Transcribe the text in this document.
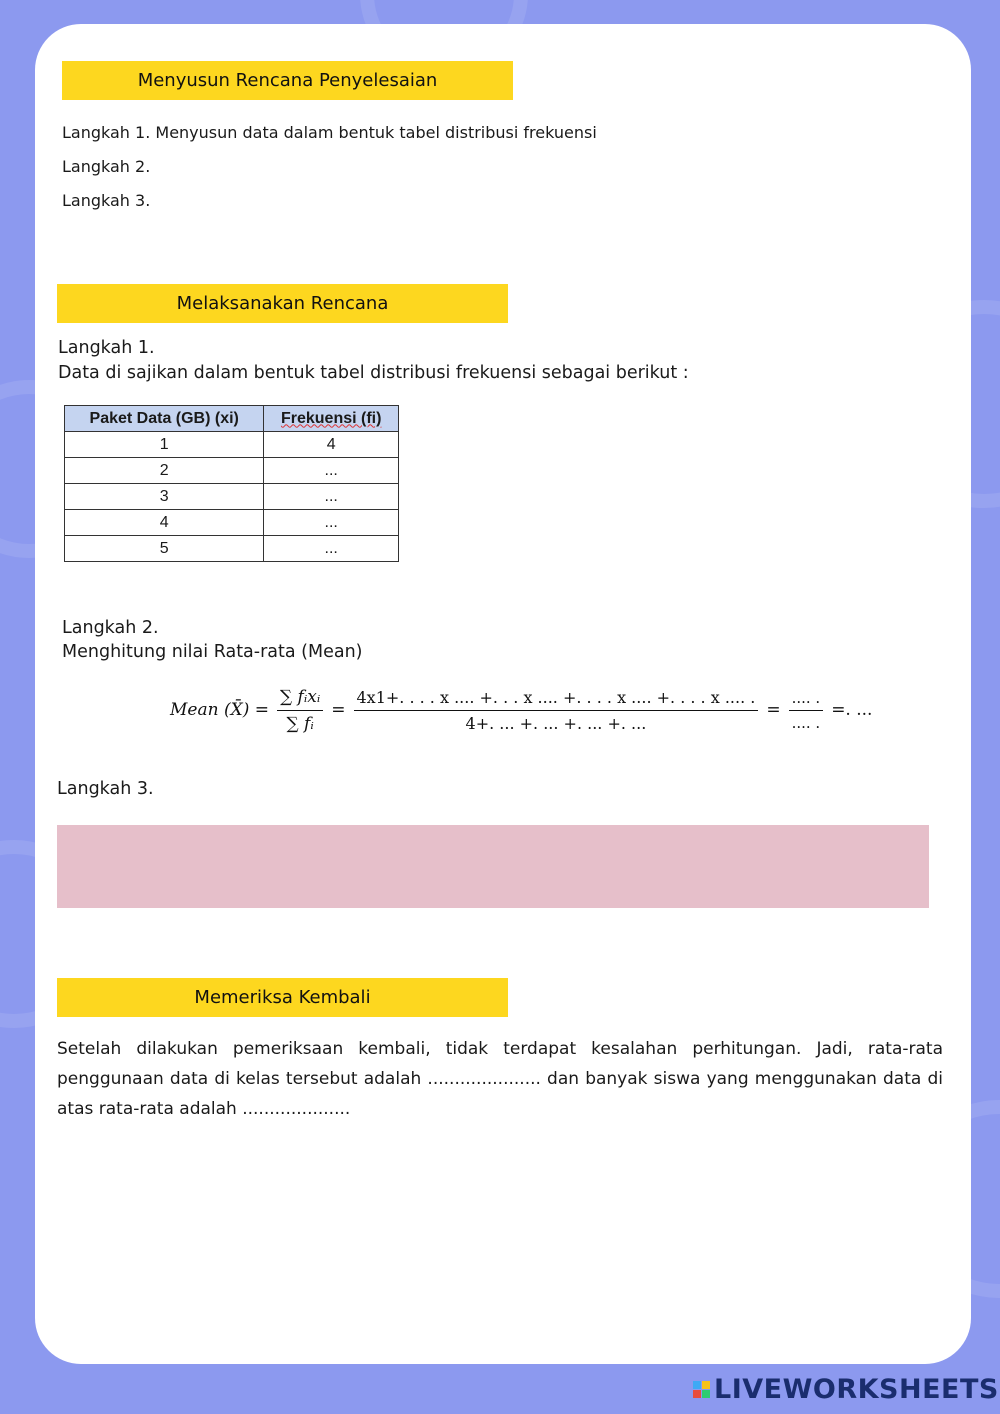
Menyusun Rencana Penyelesaian
Langkah 1. Menyusun data dalam bentuk tabel distribusi frekuensi
Langkah 2.
Langkah 3.
Melaksanakan Rencana
Langkah 1.
Data di sajikan dalam bentuk tabel distribusi frekuensi sebagai berikut :
Paket Data (GB) (xi)	Frekuensi (fi)
1	4
2	...
3	...
4	...
5	...
Langkah 2.
Menghitung nilai Rata-rata (Mean)
Mean (X̄) = $\frac{\text{∑ fᵢxᵢ}}{\text{∑ fᵢ}}$ =
4x1+. . . . x .... +. . . x .... +. . . . x .... +. . . . x .... .
4+. ... +. ... +. ... +. ...
= $\frac{.... .}{.... .}$ =. ...
Langkah 3.
Memeriksa Kembali
Setelah dilakukan pemeriksaan kembali, tidak terdapat kesalahan perhitungan. Jadi, rata-rata penggunaan data di kelas tersebut adalah ..................... dan banyak siswa yang menggunakan data di atas rata-rata adalah ....................
LIVEWORKSHEETS
